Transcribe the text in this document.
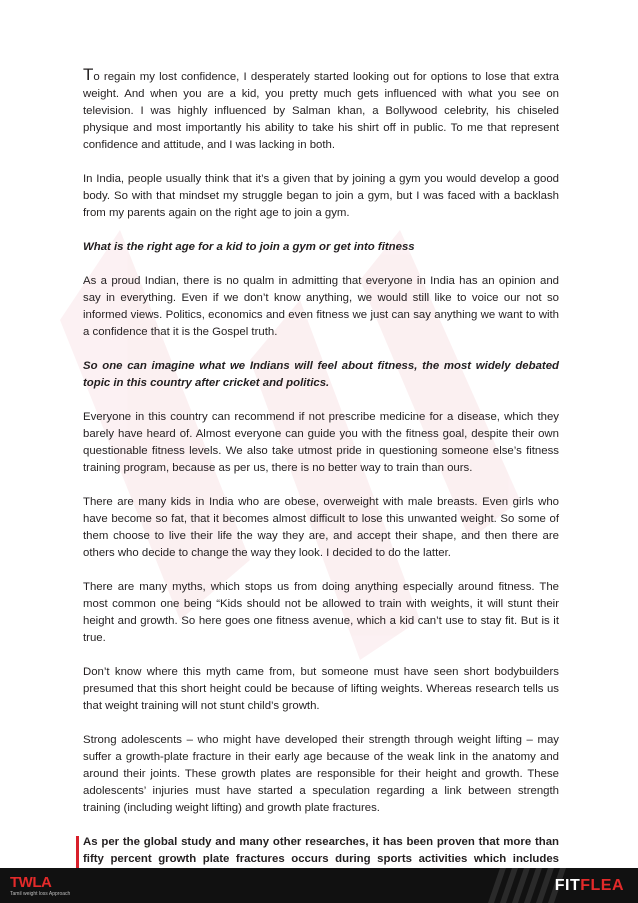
To regain my lost confidence, I desperately started looking out for options to lose that extra weight. And when you are a kid, you pretty much gets influenced with what you see on television. I was highly influenced by Salman khan, a Bollywood celebrity, his chiseled physique and most importantly his ability to take his shirt off in public. To me that represent confidence and attitude, and I was lacking in both.

In India, people usually think that it’s a given that by joining a gym you would develop a good body. So with that mindset my struggle began to join a gym, but I was faced with a backlash from my parents again on the right age to join a gym.

What is the right age for a kid to join a gym or get into fitness

As a proud Indian, there is no qualm in admitting that everyone in India has an opinion and say in everything. Even if we don’t know anything, we would still like to voice our not so informed views. Politics, economics and even fitness we just can say anything we want to with a confidence that it is the Gospel truth.

So one can imagine what we Indians will feel about fitness, the most widely debated topic in this country after cricket and politics.

Everyone in this country can recommend if not prescribe medicine for a disease, which they barely have heard of. Almost everyone can guide you with the fitness goal, despite their own questionable fitness levels. We also take utmost pride in questioning someone else’s fitness training program, because as per us, there is no better way to train than ours.

There are many kids in India who are obese, overweight with male breasts. Even girls who have become so fat, that it becomes almost difficult to lose this unwanted weight. So some of them choose to live their life the way they are, and accept their shape, and then there are others who decide to change the way they look. I decided to do the latter.

There are many myths, which stops us from doing anything especially around fitness. The most common one being “Kids should not be allowed to train with weights, it will stunt their height and growth. So here goes one fitness avenue, which a kid can’t use to stay fit. But is it true.

Don’t know where this myth came from, but someone must have seen short bodybuilders presumed that this short height could be because of lifting weights. Whereas research tells us that weight training will not stunt child’s growth.

Strong adolescents – who might have developed their strength through weight lifting – may suffer a growth-plate fracture in their early age because of the weak link in the anatomy and around their joints. These growth plates are responsible for their height and growth. These adolescents’ injuries must have started a speculation regarding a link between strength training (including weight lifting) and growth plate fractures.

As per the global study and many other researches, it has been proven that more than fifty percent growth plate fractures occurs during sports activities which includes
TWLA
Tamil weight loss Approach	FITFLEA
